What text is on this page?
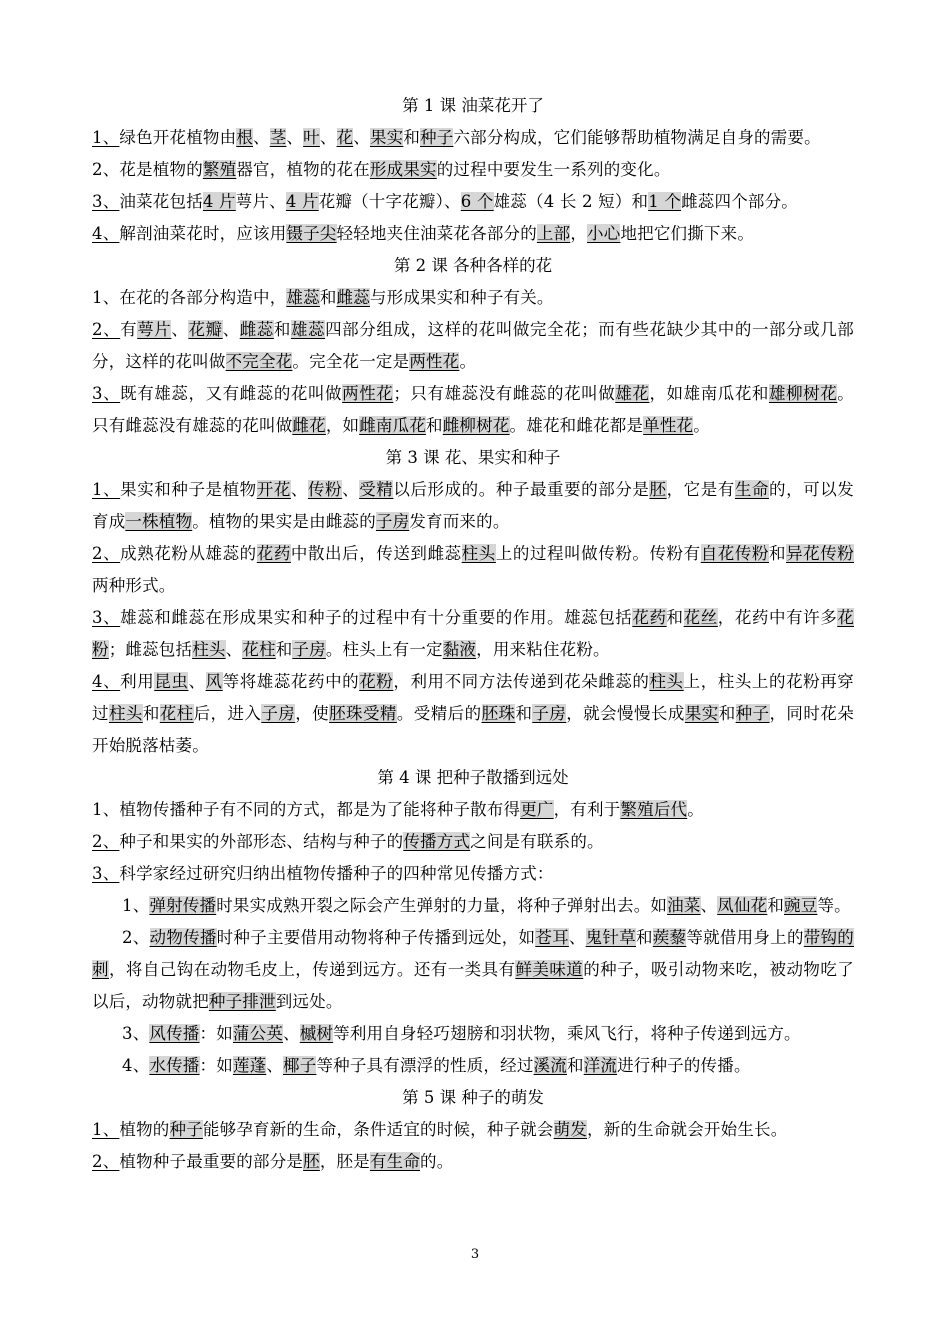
第 1 课 油菜花开了
1、绿色开花植物由根、茎、叶、花、果实和种子六部分构成，它们能够帮助植物满足自身的需要。
2、花是植物的繁殖器官，植物的花在形成果实的过程中要发生一系列的变化。
3、油菜花包括4 片萼片、4 片花瓣（十字花瓣）、6 个雄蕊（4 长 2 短）和1 个雌蕊四个部分。
4、解剖油菜花时，应该用镊子尖轻轻地夹住油菜花各部分的上部，小心地把它们撕下来。
第 2 课 各种各样的花
1、在花的各部分构造中，雄蕊和雌蕊与形成果实和种子有关。
2、有萼片、花瓣、雌蕊和雄蕊四部分组成，这样的花叫做完全花；而有些花缺少其中的一部分或几部分，这样的花叫做不完全花。完全花一定是两性花。
3、既有雄蕊，又有雌蕊的花叫做两性花；只有雄蕊没有雌蕊的花叫做雄花，如雄南瓜花和雄柳树花。只有雌蕊没有雄蕊的花叫做雌花，如雌南瓜花和雌柳树花。雄花和雌花都是单性花。
第 3 课 花、果实和种子
1、果实和种子是植物开花、传粉、受精以后形成的。种子最重要的部分是胚，它是有生命的，可以发育成一株植物。植物的果实是由雌蕊的子房发育而来的。
2、成熟花粉从雄蕊的花药中散出后，传送到雌蕊柱头上的过程叫做传粉。传粉有自花传粉和异花传粉两种形式。
3、雄蕊和雌蕊在形成果实和种子的过程中有十分重要的作用。雄蕊包括花药和花丝，花药中有许多花粉；雌蕊包括柱头、花柱和子房。柱头上有一定黏液，用来粘住花粉。
4、利用昆虫、风等将雄蕊花药中的花粉，利用不同方法传递到花朵雌蕊的柱头上，柱头上的花粉再穿过柱头和花柱后，进入子房，使胚珠受精。受精后的胚珠和子房，就会慢慢长成果实和种子，同时花朵开始脱落枯萎。
第 4 课 把种子散播到远处
1、植物传播种子有不同的方式，都是为了能将种子散布得更广，有利于繁殖后代。
2、种子和果实的外部形态、结构与种子的传播方式之间是有联系的。
3、科学家经过研究归纳出植物传播种子的四种常见传播方式：
1、弹射传播时果实成熟开裂之际会产生弹射的力量，将种子弹射出去。如油菜、凤仙花和豌豆等。
2、动物传播时种子主要借用动物将种子传播到远处，如苍耳、鬼针草和蒺藜等就借用身上的带钩的刺，将自己钩在动物毛皮上，传递到远方。还有一类具有鲜美味道的种子，吸引动物来吃，被动物吃了以后，动物就把种子排泄到远处。
3、风传播：如蒲公英、槭树等利用自身轻巧翅膀和羽状物，乘风飞行，将种子传递到远方。
4、水传播：如莲蓬、椰子等种子具有漂浮的性质，经过溪流和洋流进行种子的传播。
第 5 课 种子的萌发
1、植物的种子能够孕育新的生命，条件适宜的时候，种子就会萌发，新的生命就会开始生长。
2、植物种子最重要的部分是胚，胚是有生命的。
3
